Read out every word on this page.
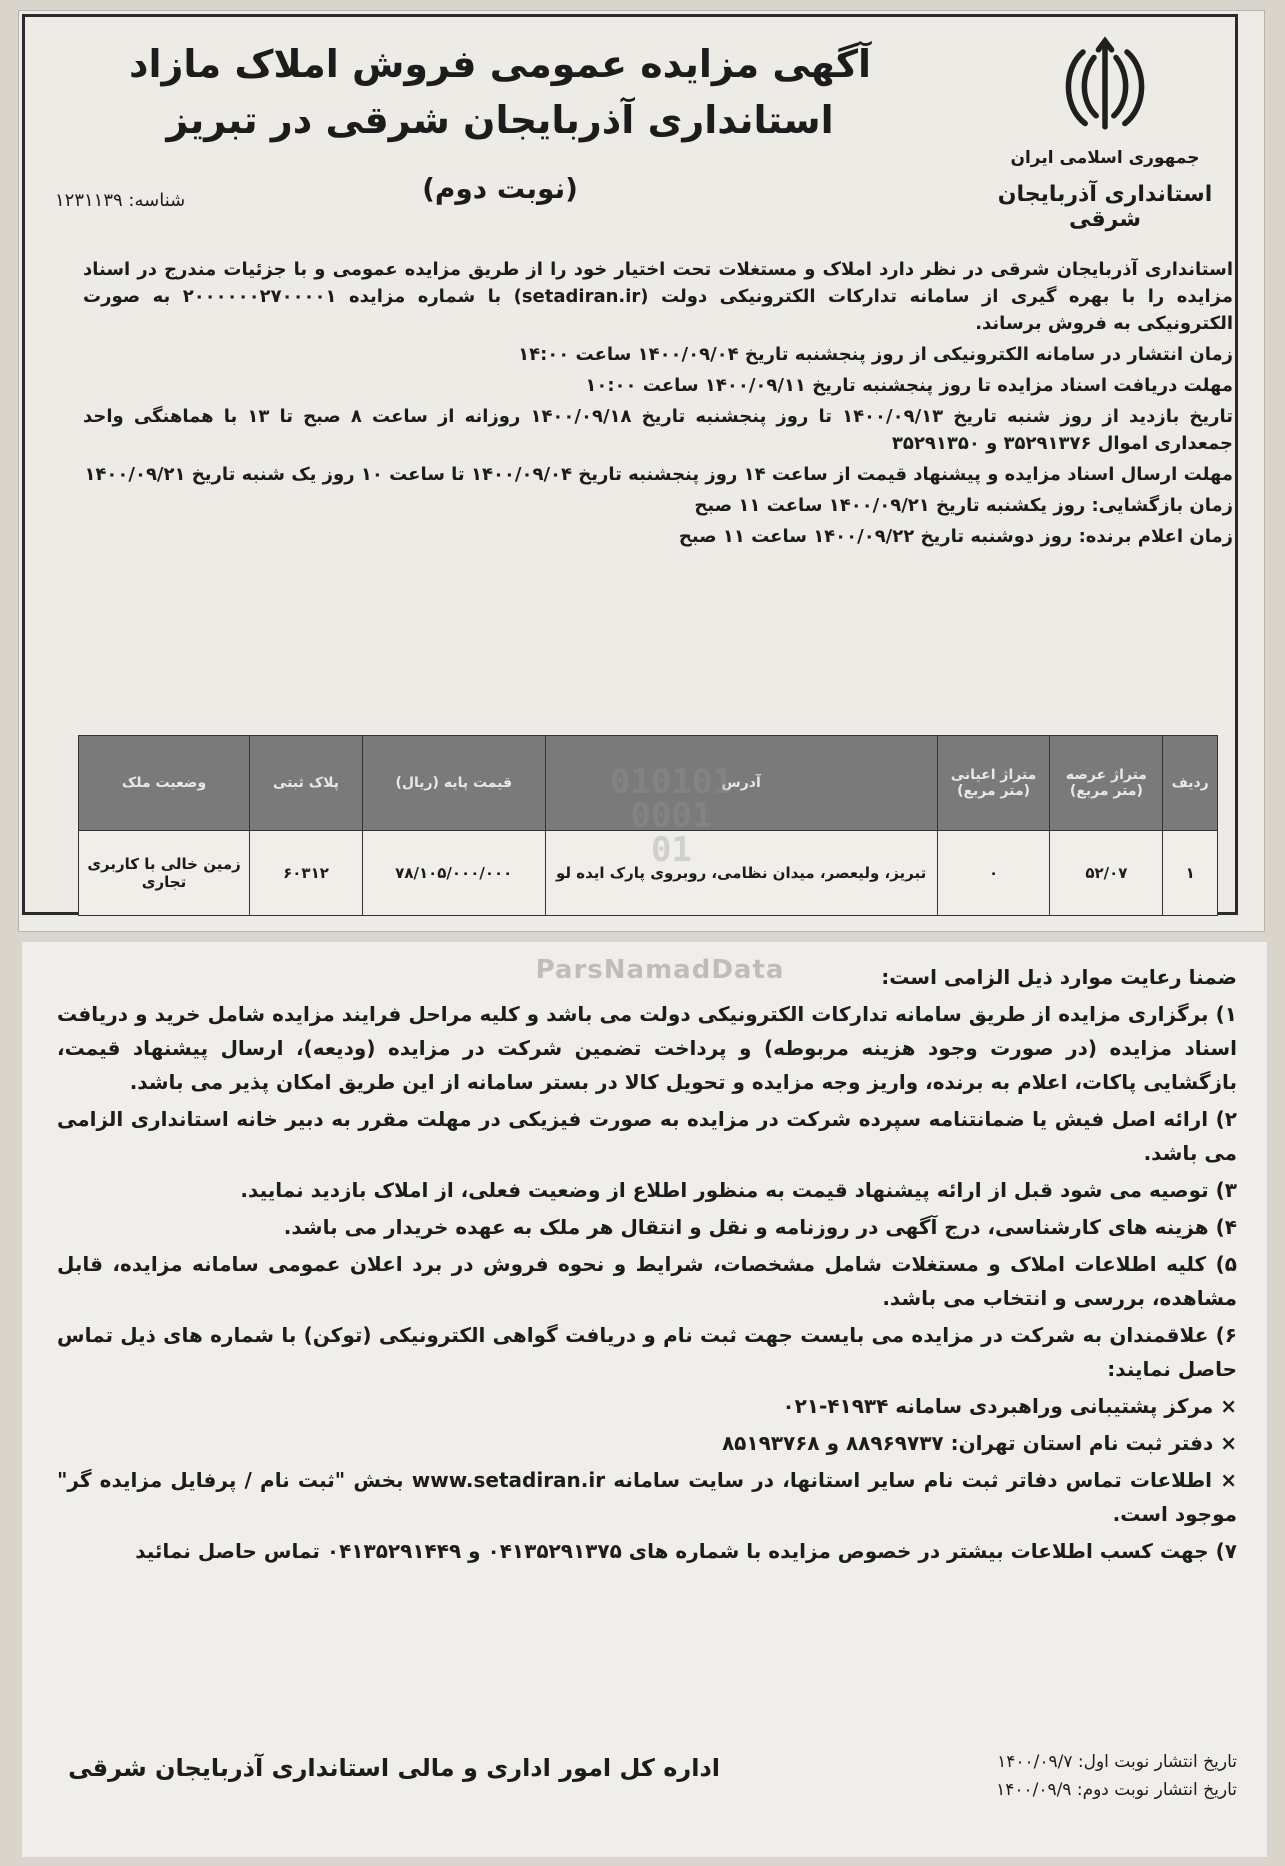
جمهوری اسلامی ایران
استانداری آذربایجان شرقی
آگهی مزایده عمومی فروش املاک مازاد
استانداری آذربایجان شرقی در تبریز
(نوبت دوم)
شناسه: ۱۲۳۱۱۳۹

استانداری آذربایجان شرقی در نظر دارد املاک و مستغلات تحت اختیار خود را از طریق مزایده عمومی و با جزئیات مندرج در اسناد مزایده را با بهره گیری از سامانه تدارکات الکترونیکی دولت (setadiran.ir) با شماره مزایده ۲۰۰۰۰۰۰۲۷۰۰۰۰۱ به صورت الکترونیکی به فروش برساند.

زمان انتشار در سامانه الکترونیکی از روز پنجشنبه تاریخ ۱۴۰۰/۰۹/۰۴ ساعت ۱۴:۰۰

مهلت دریافت اسناد مزایده تا روز پنجشنبه تاریخ ۱۴۰۰/۰۹/۱۱ ساعت ۱۰:۰۰

تاریخ بازدید از روز شنبه تاریخ ۱۴۰۰/۰۹/۱۳ تا روز پنجشنبه تاریخ ۱۴۰۰/۰۹/۱۸ روزانه از ساعت ۸ صبح تا ۱۳ با هماهنگی واحد جمعداری اموال ۳۵۲۹۱۳۷۶ و ۳۵۲۹۱۳۵۰

مهلت ارسال اسناد مزایده و پیشنهاد قیمت از ساعت ۱۴ روز پنجشنبه تاریخ ۱۴۰۰/۰۹/۰۴ تا ساعت ۱۰ روز یک شنبه تاریخ ۱۴۰۰/۰۹/۲۱

زمان بازگشایی: روز یکشنبه تاریخ ۱۴۰۰/۰۹/۲۱ ساعت ۱۱ صبح

زمان اعلام برنده: روز دوشنبه تاریخ ۱۴۰۰/۰۹/۲۲ ساعت ۱۱ صبح

ردیف	متراژ عرصه (متر مربع)	متراژ اعیانی (متر مربع)	آدرس	قیمت پایه (ریال)	پلاک ثبتی	وضعیت ملک
۱	۵۲/۰۷	۰	تبریز، ولیعصر، میدان نظامی، روبروی پارک ایده لو	۷۸/۱۰۵/۰۰۰/۰۰۰	۶۰۳۱۲	زمین خالی با کاربری تجاری
010101
0001
01
ParsNamadData	ضمنا رعایت موارد ذیل الزامی است:

۱) برگزاری مزایده از طریق سامانه تدارکات الکترونیکی دولت می باشد و کلیه مراحل فرایند مزایده شامل خرید و دریافت اسناد مزایده (در صورت وجود هزینه مربوطه) و پرداخت تضمین شرکت در مزایده (ودیعه)، ارسال پیشنهاد قیمت، بازگشایی پاکات، اعلام به برنده، واریز وجه مزایده و تحویل کالا در بستر سامانه از این طریق امکان پذیر می باشد.

۲) ارائه اصل فیش یا ضمانتنامه سپرده شرکت در مزایده به صورت فیزیکی در مهلت مقرر به دبیر خانه استانداری الزامی می باشد.

۳) توصیه می شود قبل از ارائه پیشنهاد قیمت به منظور اطلاع از وضعیت فعلی، از املاک بازدید نمایید.

۴) هزینه های کارشناسی، درج آگهی در روزنامه و نقل و انتقال هر ملک به عهده خریدار می باشد.

۵) کلیه اطلاعات املاک و مستغلات شامل مشخصات، شرایط و نحوه فروش در برد اعلان عمومی سامانه مزایده، قابل مشاهده، بررسی و انتخاب می باشد.

۶) علاقمندان به شرکت در مزایده می بایست جهت ثبت نام و دریافت گواهی الکترونیکی (توکن) با شماره های ذیل تماس حاصل نمایند:

× مرکز پشتیبانی وراهبردی سامانه ۴۱۹۳۴-۰۲۱

× دفتر ثبت نام استان تهران: ۸۸۹۶۹۷۳۷ و ۸۵۱۹۳۷۶۸

× اطلاعات تماس دفاتر ثبت نام سایر استانها، در سایت سامانه www.setadiran.ir بخش "ثبت نام / پرفایل مزایده گر" موجود است.

۷) جهت کسب اطلاعات بیشتر در خصوص مزایده با شماره های ۰۴۱۳۵۲۹۱۳۷۵ و ۰۴۱۳۵۲۹۱۴۴۹ تماس حاصل نمائید

تاریخ انتشار نوبت اول: ۱۴۰۰/۰۹/۷
تاریخ انتشار نوبت دوم: ۱۴۰۰/۰۹/۹
اداره کل امور اداری و مالی استانداری آذربایجان شرقی
